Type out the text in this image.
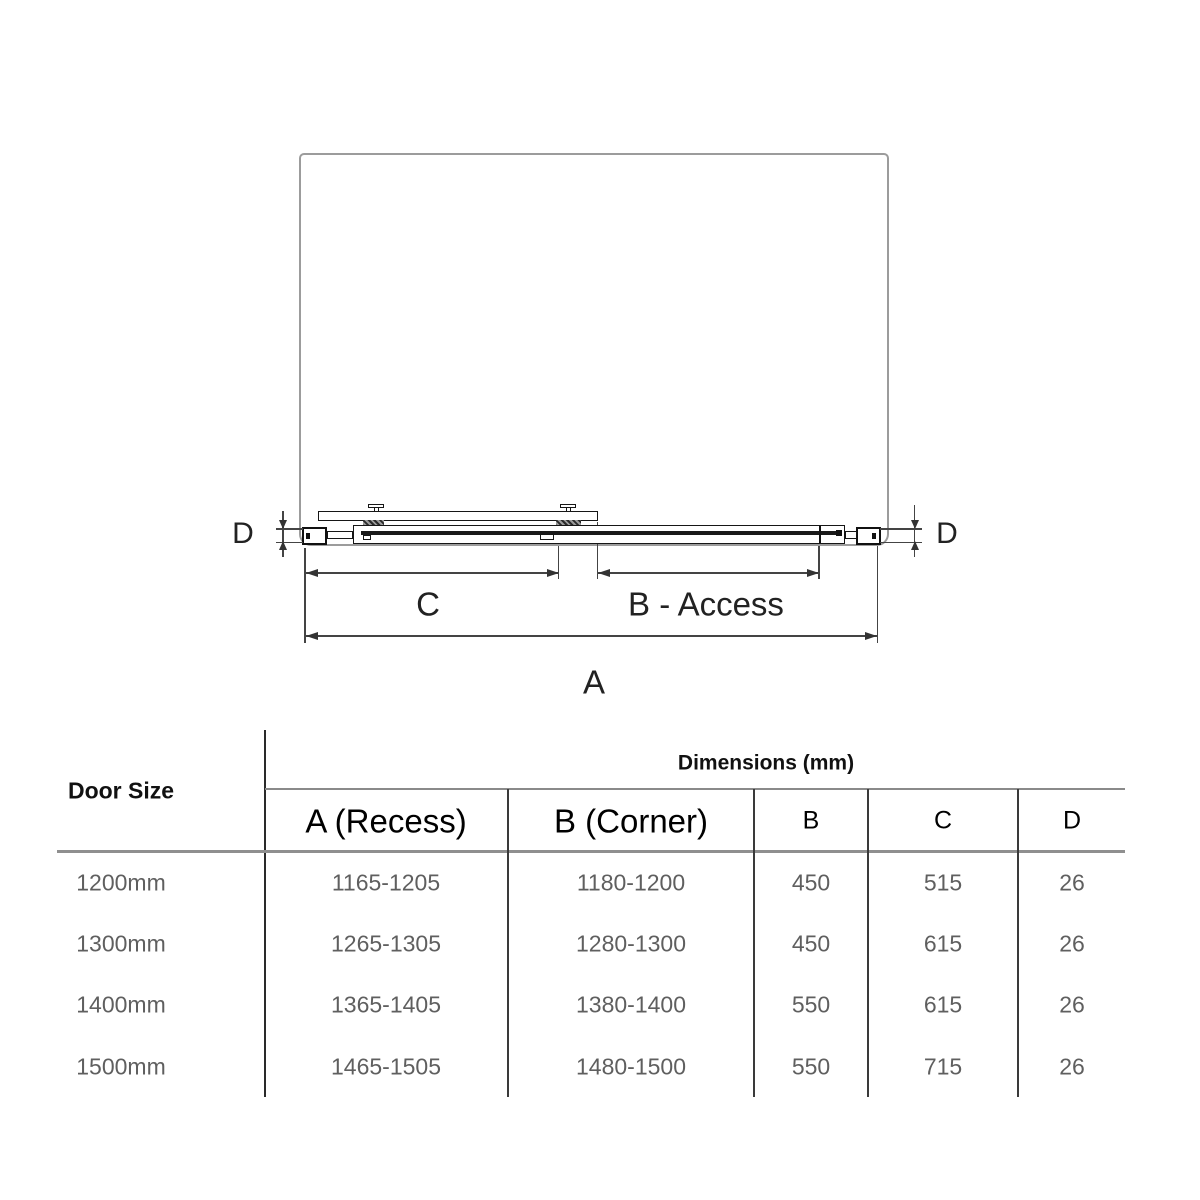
D	D
C	B - Access
A
Door Size
Dimensions (mm)
A (Recess)	B (Corner)	B	C	D
1200mm	1165-1205	1180-1200	450	515	26
1300mm	1265-1305	1280-1300	450	615	26
1400mm	1365-1405	1380-1400	550	615	26
1500mm	1465-1505	1480-1500	550	715	26
